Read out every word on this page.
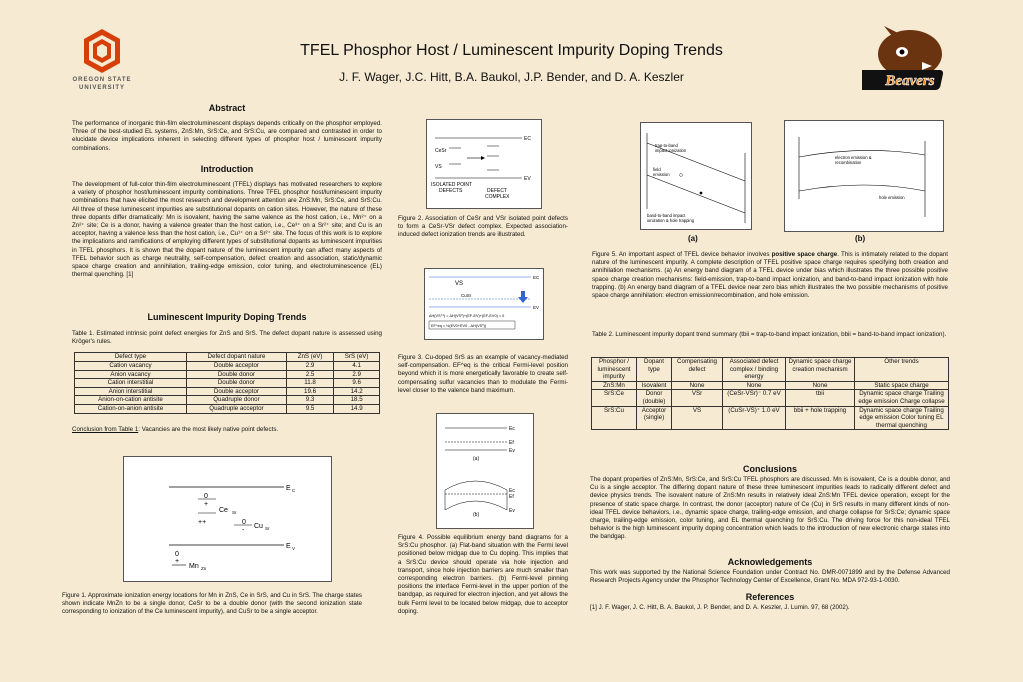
OREGON STATE
UNIVERSITY	Beavers
TFEL Phosphor Host / Luminescent Impurity Doping Trends
J. F. Wager, J.C. Hitt, B.A. Baukol, J.P. Bender, and D. A. Keszler
Abstract

The performance of inorganic thin-film electroluminescent displays depends critically on the phosphor employed. Three of the best-studied EL systems, ZnS:Mn, SrS:Ce, and SrS:Cu, are compared and contrasted in order to elucidate device implications inherent in selecting different types of phosphor host / luminescent impurity combinations.

Introduction

The development of full-color thin-film electroluminescent (TFEL) displays has motivated researchers to explore a variety of phosphor host/luminescent impurity combinations. Three TFEL phosphor host/luminescent impurity combinations that have elicited the most research and development attention are ZnS:Mn, SrS:Ce, and SrS:Cu. All three of these luminescent impurities are substitutional dopants on cation sites. However, the nature of these three dopants differ dramatically: Mn is isovalent, having the same valence as the host cation, i.e., Mn²⁺ on a Zn²⁺ site; Ce is a donor, having a valence greater than the host cation, i.e., Ce³⁺ on a Sr²⁺ site; and Cu is an acceptor, having a valence less than the host cation, i.e., Cu¹⁺ on a Sr²⁺ site. The focus of this work is to explore the implications and ramifications of employing different types of substitutional dopants as luminescent impurities in TFEL phosphors. It is shown that the dopant nature of the luminescent impurity can affect many aspects of TFEL behavior such as charge neutrality, self-compensation, defect creation and association, static/dynamic space charge creation and annihilation, trailing-edge emission, color tuning, and electroluminescence (EL) thermal quenching. [1]

Luminescent Impurity Doping Trends

Table 1. Estimated intrinsic point defect energies for ZnS and SrS. The defect dopant nature is assessed using Kröger's rules.

Defect type	Defect dopant nature	ZnS (eV)	SrS (eV)
Cation vacancy	Double acceptor	2.9	4.1
Anion vacancy	Double donor	2.5	2.9
Cation interstitial	Double donor	11.8	9.6
Anion interstitial	Double acceptor	19.6	14.2
Anion-on-cation antisite	Quadruple donor	9.3	18.5
Cation-on-anion antisite	Quadruple acceptor	9.5	14.9

Conclusion from Table 1: Vacancies are the most likely native point defects.

E C
E V
0
+
Ce Sr
++	0
-
Cu Sr
0
+
Mn Zn

Figure 1. Approximate ionization energy locations for Mn in ZnS, Ce in SrS, and Cu in SrS. The charge states shown indicate MnZn to be a single donor, CeSr to be a double donor (with the second ionization state corresponding to ionization of the Ce luminescent impurity), and CuSr to be a single acceptor.

EC
EV
CeSr
VS
ISOLATED POINT
DEFECTS	DEFECT
COMPLEX

Figure 2. Association of CeSr and VSr isolated point defects to form a CeSr-VSr defect complex. Expected association-induced defect ionization trends are illustrated.

EC
VS
CuSr
EV
ΔH(VS⁺²) = ΔH(VS⁰)+(EF-EV)+(EF-EV0) = 0
EF^eq = ½(EV0+EV0 - ΔH(VS⁰))

Figure 3. Cu-doped SrS as an example of vacancy-mediated self-compensation. EF^eq is the critical Fermi-level position beyond which it is more energetically favorable to create self-compensating sulfur vacancies than to modulate the Fermi-level closer to the valence band maximum.

Ec
Ef
Ev
(a)
Ec
Ef
Ev
(b)

Figure 4. Possible equilibrium energy band diagrams for a SrS:Cu phosphor. (a) Flat-band situation with the Fermi level positioned below midgap due to Cu doping. This implies that a SrS:Cu device should operate via hole injection and transport, since hole injection barriers are much smaller than corresponding electron barriers. (b) Fermi-level pinning positions the interface Fermi-level in the upper portion of the bandgap, as required for electron injection, and yet allows the bulk Fermi level to be located below midgap, due to acceptor doping.

trap-to-band
impact ionization
field
emission
band-to-band impact
ionization & hole trapping
electron emission &
recombination
hole emission
(a)	(b)

Figure 5. An important aspect of TFEL device behavior involves positive space charge. This is intimately related to the dopant nature of the luminescent impurity. A complete description of TFEL positive space charge requires specifying both creation and annihilation mechanisms. (a) An energy band diagram of a TFEL device under bias which illustrates the three possible positive space charge creation mechanisms: field-emission, trap-to-band impact ionization, and band-to-band impact ionization with hole trapping. (b) An energy band diagram of a TFEL device near zero bias which illustrates the two possible mechanisms of positive space charge annihilation: electron emission/recombination, and hole emission.

Table 2. Luminescent impurity dopant trend summary (tbii = trap-to-band impact ionization, bbii = band-to-band impact ionization).

Phosphor / luminescent impurity	Dopant type	Compensating defect	Associated defect complex / binding energy	Dynamic space charge creation mechanism	Other trends
ZnS:Mn	Isovalent	None	None	None	Static space charge
SrS:Ce	Donor (double)	VSr	(CeSr-VSr)⁻ 0.7 eV	tbii	Dynamic space charge Trailing edge emission Charge collapse
SrS:Cu	Acceptor (single)	VS	(CuSr-VS)⁺ 1.0 eV	bbii + hole trapping	Dynamic space charge Trailing edge emission Color tuning EL thermal quenching
Conclusions

The dopant properties of ZnS:Mn, SrS:Ce, and SrS:Cu TFEL phosphors are discussed. Mn is isovalent, Ce is a double donor, and Cu is a single acceptor. The differing dopant nature of these three luminescent impurities leads to radically different defect and device physics trends. The isovalent nature of ZnS:Mn results in relatively ideal ZnS:Mn TFEL device operation, except for the presence of static space charge. In contrast, the donor (acceptor) nature of Ce (Cu) in SrS results in many different kinds of non-ideal TFEL device behaviors, i.e., dynamic space charge, trailing-edge emission, and charge collapse for SrS:Ce; dynamic space charge, trailing-edge emission, color tuning, and EL thermal quenching for SrS:Cu. The driving force for this non-ideal TFEL behavior is the high luminescent impurity doping concentration which leads to the introduction of new electronic charge states into the bandgap.

Acknowledgements

This work was supported by the National Science Foundation under Contract No. DMR-0071899 and by the Defense Advanced Research Projects Agency under the Phosphor Technology Center of Excellence, Grant No. MDA 972-93-1-0030.

References

[1] J. F. Wager, J. C. Hitt, B. A. Baukol, J. P. Bender, and D. A. Keszler, J. Lumin. 97, 68 (2002).
